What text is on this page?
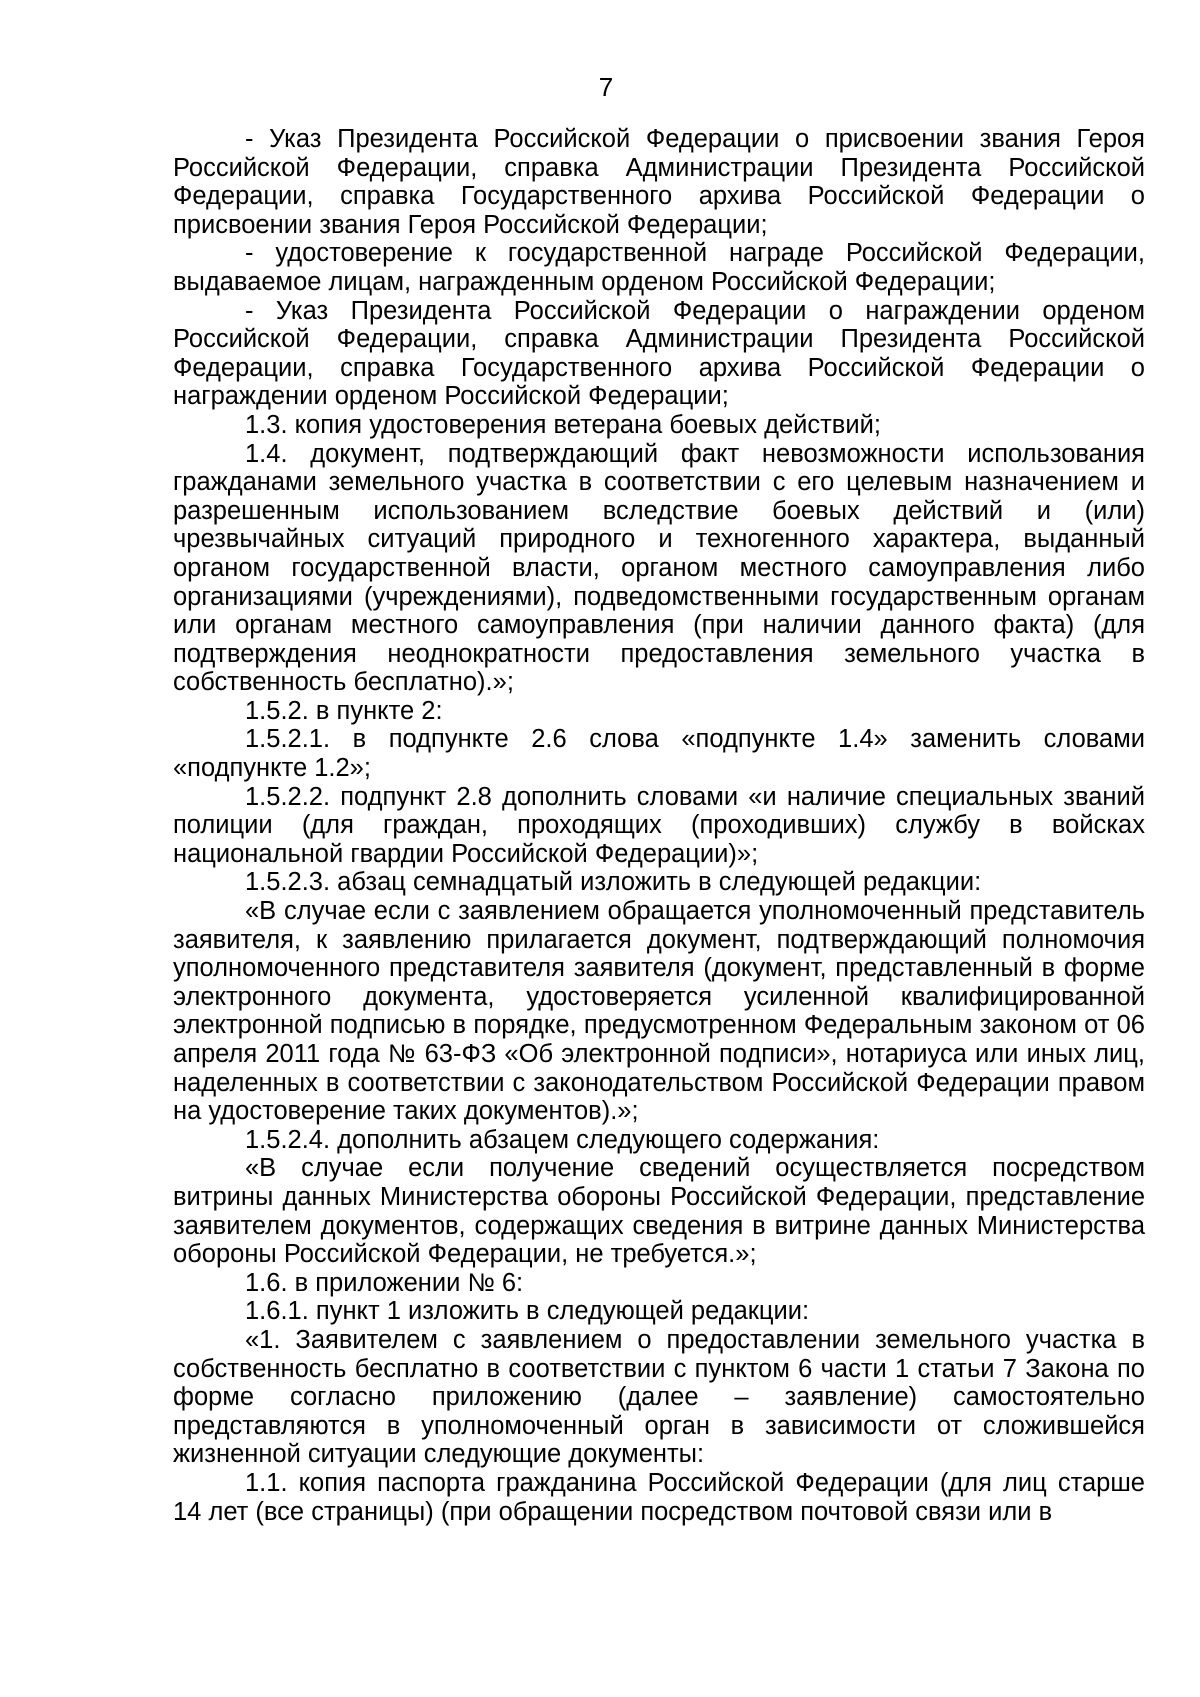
7

- Указ Президента Российской Федерации о присвоении звания Героя Российской Федерации, справка Администрации Президента Российской Федерации, справка Государственного архива Российской Федерации о присвоении звания Героя Российской Федерации;

- удостоверение к государственной награде Российской Федерации, выдаваемое лицам, награжденным орденом Российской Федерации;

- Указ Президента Российской Федерации о награждении орденом Российской Федерации, справка Администрации Президента Российской Федерации, справка Государственного архива Российской Федерации о награждении орденом Российской Федерации;

1.3. копия удостоверения ветерана боевых действий;

1.4. документ, подтверждающий факт невозможности использования гражданами земельного участка в соответствии с его целевым назначением и разрешенным использованием вследствие боевых действий и (или) чрезвычайных ситуаций природного и техногенного характера, выданный органом государственной власти, органом местного самоуправления либо организациями (учреждениями), подведомственными государственным органам или органам местного самоуправления (при наличии данного факта) (для подтверждения неоднократности предоставления земельного участка в собственность бесплатно).»;

1.5.2. в пункте 2:

1.5.2.1. в подпункте 2.6 слова «подпункте 1.4» заменить словами «подпункте 1.2»;

1.5.2.2. подпункт 2.8 дополнить словами «и наличие специальных званий полиции (для граждан, проходящих (проходивших) службу в войсках национальной гвардии Российской Федерации)»;

1.5.2.3. абзац семнадцатый изложить в следующей редакции:

«В случае если с заявлением обращается уполномоченный представитель заявителя, к заявлению прилагается документ, подтверждающий полномочия уполномоченного представителя заявителя (документ, представленный в форме электронного документа, удостоверяется усиленной квалифицированной электронной подписью в порядке, предусмотренном Федеральным законом от 06 апреля 2011 года № 63-ФЗ «Об электронной подписи», нотариуса или иных лиц, наделенных в соответствии с законодательством Российской Федерации правом на удостоверение таких документов).»;

1.5.2.4. дополнить абзацем следующего содержания:

«В случае если получение сведений осуществляется посредством витрины данных Министерства обороны Российской Федерации, представление заявителем документов, содержащих сведения в витрине данных Министерства обороны Российской Федерации, не требуется.»;

1.6. в приложении № 6:

1.6.1. пункт 1 изложить в следующей редакции:

«1. Заявителем с заявлением о предоставлении земельного участка в собственность бесплатно в соответствии с пунктом 6 части 1 статьи 7 Закона по форме согласно приложению (далее – заявление) самостоятельно представляются в уполномоченный орган в зависимости от сложившейся жизненной ситуации следующие документы:

1.1. копия паспорта гражданина Российской Федерации (для лиц старше 14 лет (все страницы) (при обращении посредством почтовой связи или в
